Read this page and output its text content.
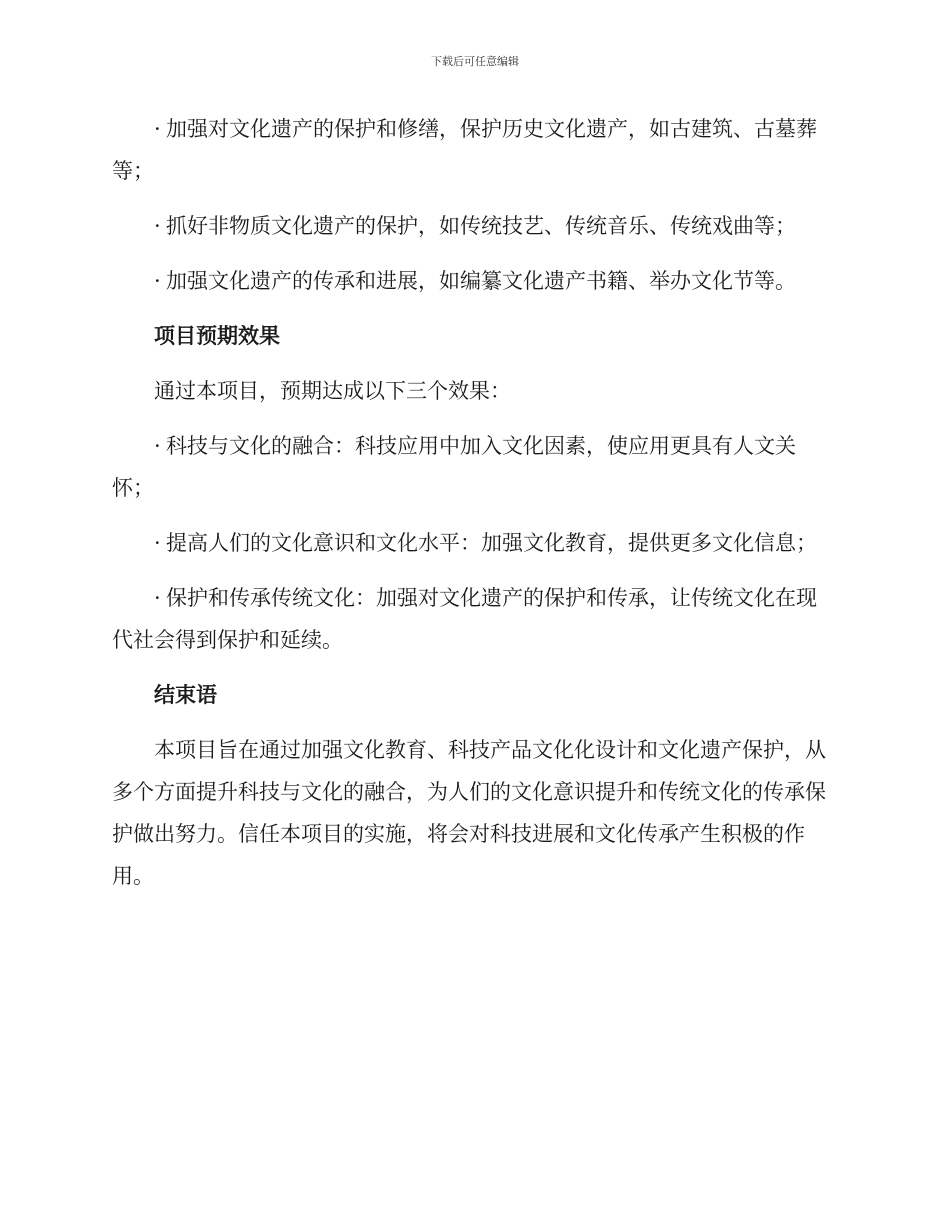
下载后可任意编辑

· 加强对文化遗产的保护和修缮，保护历史文化遗产，如古建筑、古墓葬等；

· 抓好非物质文化遗产的保护，如传统技艺、传统音乐、传统戏曲等；

· 加强文化遗产的传承和进展，如编纂文化遗产书籍、举办文化节等。

项目预期效果

通过本项目，预期达成以下三个效果：

· 科技与文化的融合：科技应用中加入文化因素，使应用更具有人文关怀；

· 提高人们的文化意识和文化水平：加强文化教育，提供更多文化信息；

· 保护和传承传统文化：加强对文化遗产的保护和传承，让传统文化在现代社会得到保护和延续。

结束语

本项目旨在通过加强文化教育、科技产品文化化设计和文化遗产保护，从多个方面提升科技与文化的融合，为人们的文化意识提升和传统文化的传承保护做出努力。信任本项目的实施，将会对科技进展和文化传承产生积极的作用。
